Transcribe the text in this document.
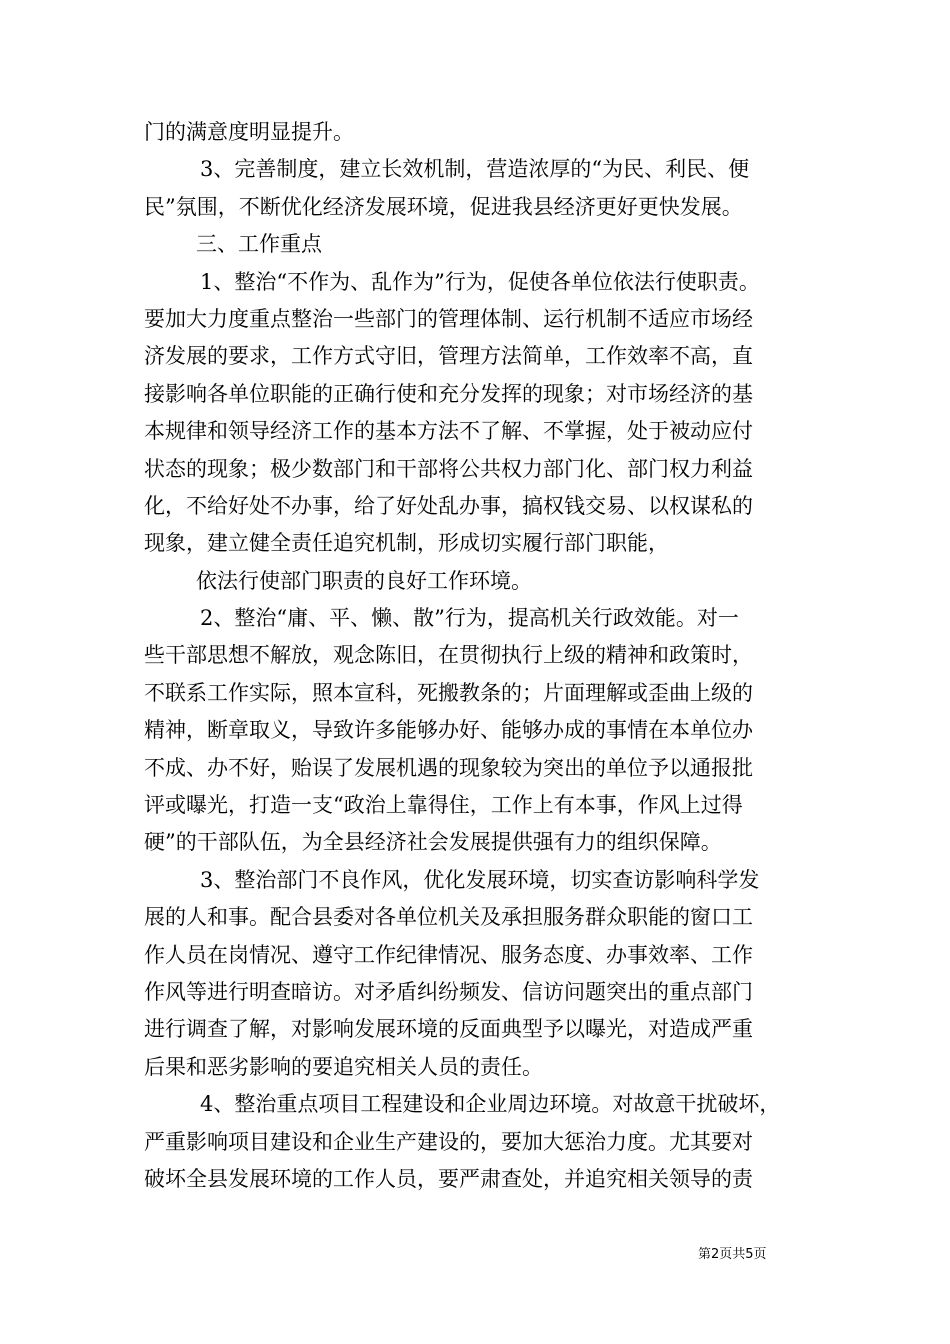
门的满意度明显提升。
3、完善制度，建立长效机制，营造浓厚的“为民、利民、便
民”氛围，不断优化经济发展环境，促进我县经济更好更快发展。
三、工作重点
1、整治“不作为、乱作为”行为，促使各单位依法行使职责。
要加大力度重点整治一些部门的管理体制、运行机制不适应市场经
济发展的要求，工作方式守旧，管理方法简单，工作效率不高，直
接影响各单位职能的正确行使和充分发挥的现象；对市场经济的基
本规律和领导经济工作的基本方法不了解、不掌握，处于被动应付
状态的现象；极少数部门和干部将公共权力部门化、部门权力利益
化，不给好处不办事，给了好处乱办事，搞权钱交易、以权谋私的
现象，建立健全责任追究机制，形成切实履行部门职能，
依法行使部门职责的良好工作环境。
2、整治“庸、平、懒、散”行为，提高机关行政效能。对一
些干部思想不解放，观念陈旧，在贯彻执行上级的精神和政策时，
不联系工作实际，照本宣科，死搬教条的；片面理解或歪曲上级的
精神，断章取义，导致许多能够办好、能够办成的事情在本单位办
不成、办不好，贻误了发展机遇的现象较为突出的单位予以通报批
评或曝光，打造一支“政治上靠得住，工作上有本事，作风上过得
硬”的干部队伍，为全县经济社会发展提供强有力的组织保障。
3、整治部门不良作风，优化发展环境，切实查访影响科学发
展的人和事。配合县委对各单位机关及承担服务群众职能的窗口工
作人员在岗情况、遵守工作纪律情况、服务态度、办事效率、工作
作风等进行明查暗访。对矛盾纠纷频发、信访问题突出的重点部门
进行调查了解，对影响发展环境的反面典型予以曝光，对造成严重
后果和恶劣影响的要追究相关人员的责任。
4、整治重点项目工程建设和企业周边环境。对故意干扰破坏，
严重影响项目建设和企业生产建设的，要加大惩治力度。尤其要对
破坏全县发展环境的工作人员，要严肃查处，并追究相关领导的责
第2页共5页
